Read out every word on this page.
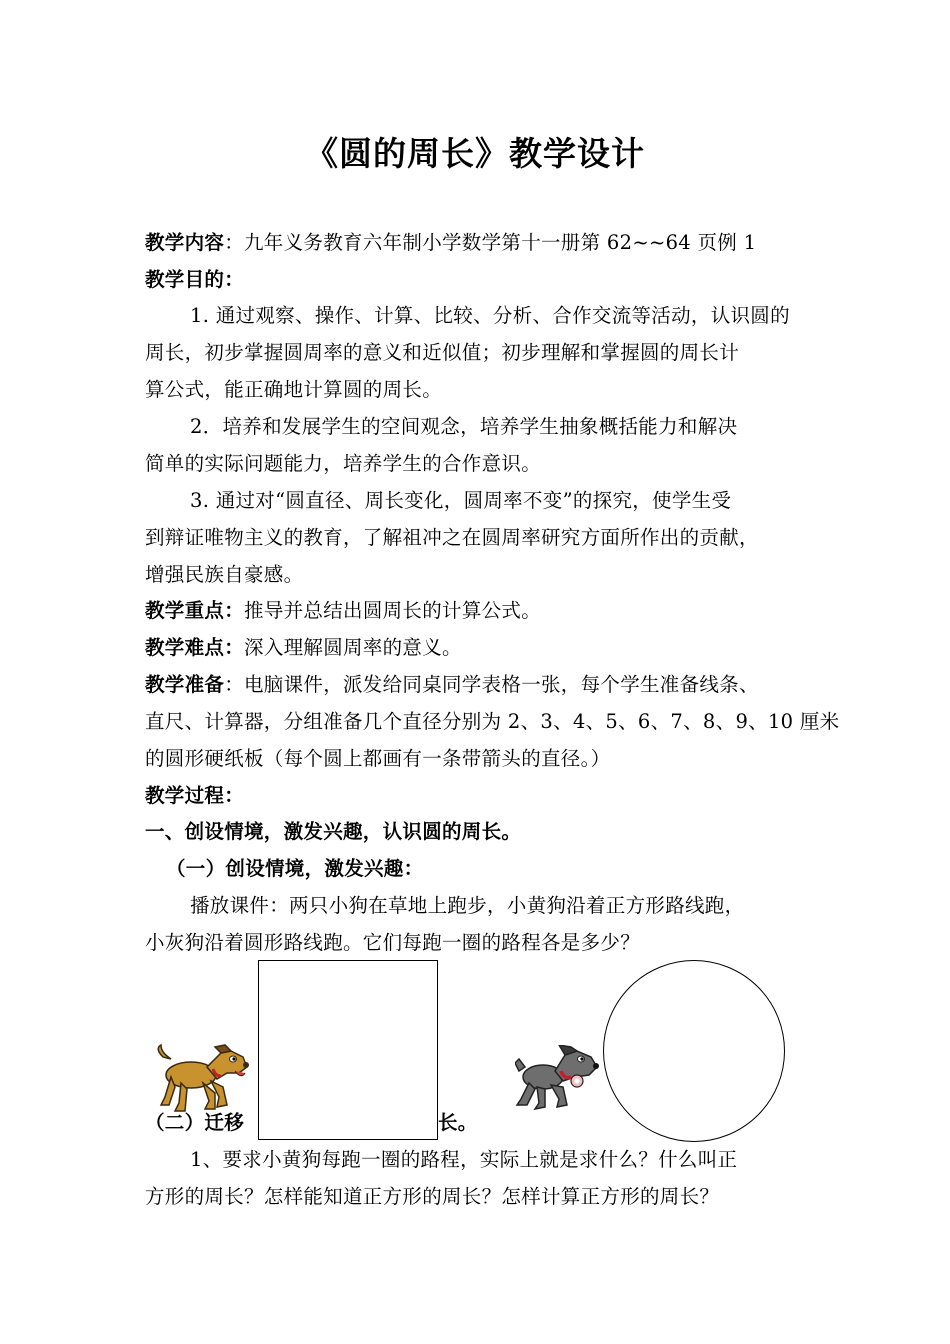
《圆的周长》教学设计
教学内容：九年义务教育六年制小学数学第十一册第 62~~64 页例 1
教学目的：
1. 通过观察、操作、计算、比较、分析、合作交流等活动，认识圆的
周长，初步掌握圆周率的意义和近似值；初步理解和掌握圆的周长计
算公式，能正确地计算圆的周长。
2．培养和发展学生的空间观念，培养学生抽象概括能力和解决
简单的实际问题能力，培养学生的合作意识。
3. 通过对“圆直径、周长变化，圆周率不变”的探究，使学生受
到辩证唯物主义的教育，了解祖冲之在圆周率研究方面所作出的贡献，
增强民族自豪感。
教学重点：推导并总结出圆周长的计算公式。
教学难点：深入理解圆周率的意义。
教学准备：电脑课件，派发给同桌同学表格一张，每个学生准备线条、
直尺、计算器，分组准备几个直径分别为 2、3、4、5、6、7、8、9、10 厘米
的圆形硬纸板（每个圆上都画有一条带箭头的直径。）
教学过程：
一、创设情境，激发兴趣，认识圆的周长。
（一）创设情境，激发兴趣：
播放课件：两只小狗在草地上跑步，小黄狗沿着正方形路线跑，
小灰狗沿着圆形路线跑。它们每跑一圈的路程各是多少？
（二）迁移	长。
1、要求小黄狗每跑一圈的路程，实际上就是求什么？什么叫正
方形的周长？怎样能知道正方形的周长？怎样计算正方形的周长？
